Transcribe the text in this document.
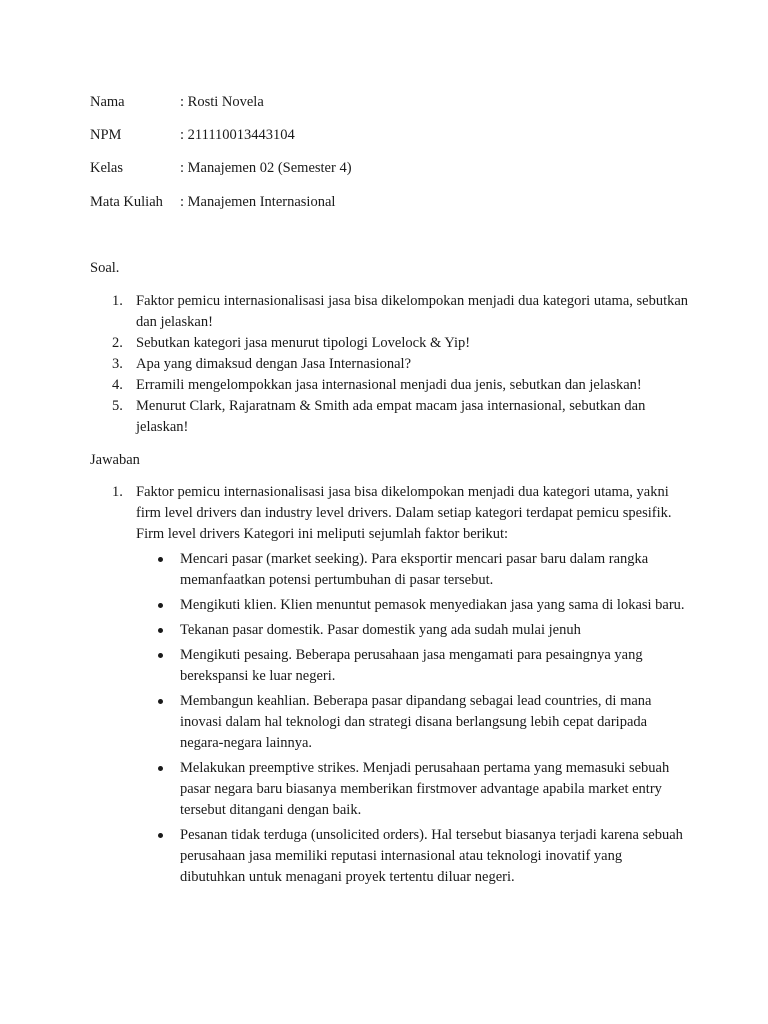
Nama	: Rosti Novela
NPM	: 211110013443104
Kelas	: Manajemen 02 (Semester 4)
Mata Kuliah : Manajemen Internasional
Soal.
1. Faktor pemicu internasionalisasi jasa bisa dikelompokan menjadi dua kategori utama, sebutkan dan jelaskan!
2. Sebutkan kategori jasa menurut tipologi Lovelock & Yip!
3. Apa yang dimaksud dengan Jasa Internasional?
4. Erramili mengelompokkan jasa internasional menjadi dua jenis, sebutkan dan jelaskan!
5. Menurut Clark, Rajaratnam & Smith ada empat macam jasa internasional, sebutkan dan jelaskan!
Jawaban
1. Faktor pemicu internasionalisasi jasa bisa dikelompokan menjadi dua kategori utama, yakni firm level drivers dan industry level drivers. Dalam setiap kategori terdapat pemicu spesifik. Firm level drivers Kategori ini meliputi sejumlah faktor berikut:
Mencari pasar (market seeking). Para eksportir mencari pasar baru dalam rangka memanfaatkan potensi pertumbuhan di pasar tersebut.
Mengikuti klien. Klien menuntut pemasok menyediakan jasa yang sama di lokasi baru.
Tekanan pasar domestik. Pasar domestik yang ada sudah mulai jenuh
Mengikuti pesaing. Beberapa perusahaan jasa mengamati para pesaingnya yang berekspansi ke luar negeri.
Membangun keahlian. Beberapa pasar dipandang sebagai lead countries, di mana inovasi dalam hal teknologi dan strategi disana berlangsung lebih cepat daripada negara-negara lainnya.
Melakukan preemptive strikes. Menjadi perusahaan pertama yang memasuki sebuah pasar negara baru biasanya memberikan firstmover advantage apabila market entry tersebut ditangani dengan baik.
Pesanan tidak terduga (unsolicited orders). Hal tersebut biasanya terjadi karena sebuah perusahaan jasa memiliki reputasi internasional atau teknologi inovatif yang dibutuhkan untuk menagani proyek tertentu diluar negeri.
